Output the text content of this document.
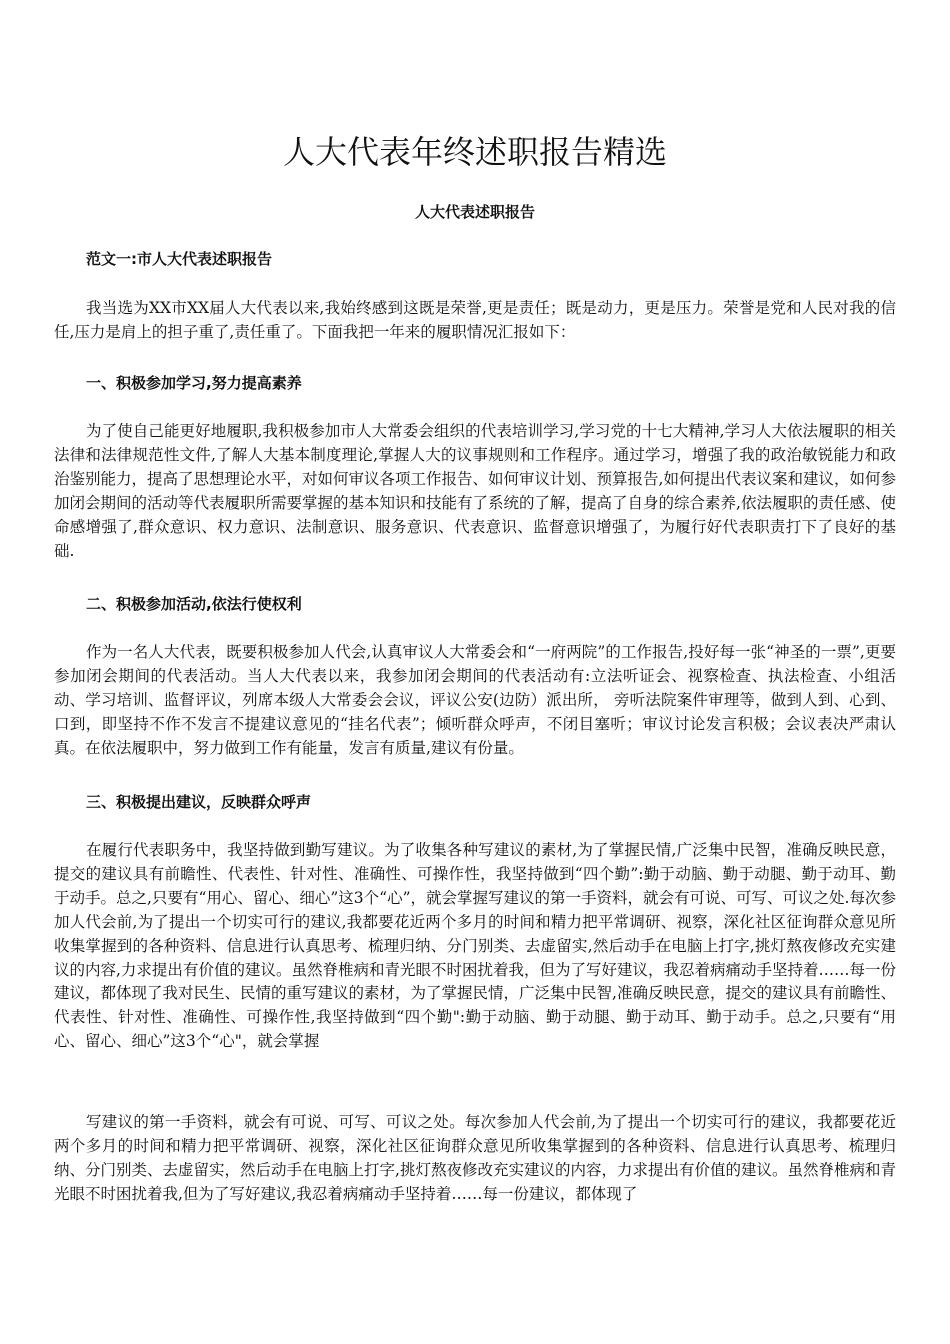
人大代表年终述职报告精选
人大代表述职报告

范文一:市人大代表述职报告

我当选为XX市XX届人大代表以来,我始终感到这既是荣誉,更是责任；既是动力，更是压力。荣誉是党和人民对我的信任,压力是肩上的担子重了,责任重了。下面我把一年来的履职情况汇报如下：

一、积极参加学习,努力提高素养

为了使自己能更好地履职,我积极参加市人大常委会组织的代表培训学习,学习党的十七大精神,学习人大依法履职的相关法律和法律规范性文件,了解人大基本制度理论,掌握人大的议事规则和工作程序。通过学习，增强了我的政治敏锐能力和政治鉴别能力，提高了思想理论水平，对如何审议各项工作报告、如何审议计划、预算报告,如何提出代表议案和建议，如何参加闭会期间的活动等代表履职所需要掌握的基本知识和技能有了系统的了解，提高了自身的综合素养,依法履职的责任感、使命感增强了,群众意识、权力意识、法制意识、服务意识、代表意识、监督意识增强了，为履行好代表职责打下了良好的基础.

二、积极参加活动,依法行使权利

作为一名人大代表，既要积极参加人代会,认真审议人大常委会和“一府两院”的工作报告,投好每一张“神圣的一票”,更要参加闭会期间的代表活动。当人大代表以来，我参加闭会期间的代表活动有:立法听证会、视察检查、执法检查、小组活动、学习培训、监督评议，列席本级人大常委会会议，评议公安(边防）派出所， 旁听法院案件审理等，做到人到、心到、口到，即坚持不作不发言不提建议意见的“挂名代表”；倾听群众呼声，不闭目塞听；审议讨论发言积极；会议表决严肃认真。在依法履职中，努力做到工作有能量，发言有质量,建议有份量。

三、积极提出建议，反映群众呼声

在履行代表职务中，我坚持做到勤写建议。为了收集各种写建议的素材,为了掌握民情,广泛集中民智，准确反映民意，提交的建议具有前瞻性、代表性、针对性、准确性、可操作性，我坚持做到“四个勤”:勤于动脑、勤于动腿、勤于动耳、勤于动手。总之,只要有“用心、留心、细心”这3个“心”，就会掌握写建议的第一手资料，就会有可说、可写、可议之处.每次参加人代会前,为了提出一个切实可行的建议,我都要花近两个多月的时间和精力把平常调研、视察，深化社区征询群众意见所收集掌握到的各种资料、信息进行认真思考、梳理归纳、分门别类、去虚留实,然后动手在电脑上打字,挑灯熬夜修改充实建议的内容,力求提出有价值的建议。虽然脊椎病和青光眼不时困扰着我，但为了写好建议，我忍着病痛动手坚持着……每一份建议，都体现了我对民生、民情的重写建议的素材，为了掌握民情，广泛集中民智,准确反映民意，提交的建议具有前瞻性、代表性、针对性、准确性、可操作性,我坚持做到“四个勤":勤于动脑、勤于动腿、勤于动耳、勤于动手。总之,只要有“用心、留心、细心”这3个“心"，就会掌握

写建议的第一手资料，就会有可说、可写、可议之处。每次参加人代会前,为了提出一个切实可行的建议，我都要花近两个多月的时间和精力把平常调研、视察，深化社区征询群众意见所收集掌握到的各种资料、信息进行认真思考、梳理归纳、分门别类、去虚留实，然后动手在电脑上打字,挑灯熬夜修改充实建议的内容，力求提出有价值的建议。虽然脊椎病和青光眼不时困扰着我,但为了写好建议,我忍着病痛动手坚持着……每一份建议，都体现了
